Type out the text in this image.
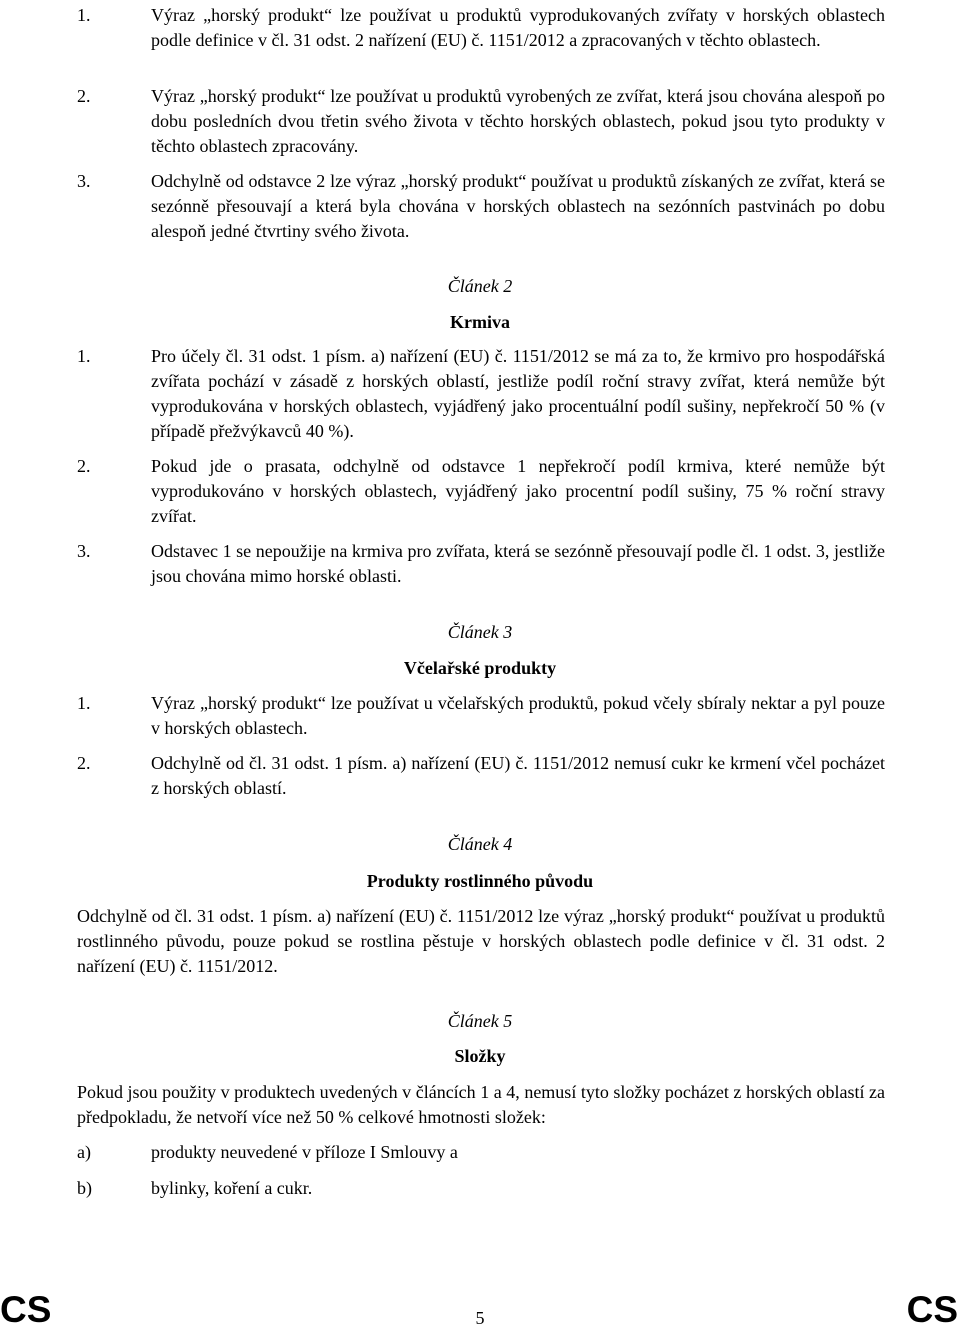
1.	Výraz „horský produkt“ lze používat u produktů vyprodukovaných zvířaty v horských oblastech podle definice v čl. 31 odst. 2 nařízení (EU) č. 1151/2012 a zpracovaných v těchto oblastech.
2.	Výraz „horský produkt“ lze používat u produktů vyrobených ze zvířat, která jsou chována alespoň po dobu posledních dvou třetin svého života v těchto horských oblastech, pokud jsou tyto produkty v těchto oblastech zpracovány.
3.	Odchylně od odstavce 2 lze výraz „horský produkt“ používat u produktů získaných ze zvířat, která se sezónně přesouvají a která byla chována v horských oblastech na sezónních pastvinách po dobu alespoň jedné čtvrtiny svého života.
Článek 2
Krmiva
1.	Pro účely čl. 31 odst. 1 písm. a) nařízení (EU) č. 1151/2012 se má za to, že krmivo pro hospodářská zvířata pochází v zásadě z horských oblastí, jestliže podíl roční stravy zvířat, která nemůže být vyprodukována v horských oblastech, vyjádřený jako procentuální podíl sušiny, nepřekročí 50 % (v případě přežvýkavců 40 %).
2.	Pokud jde o prasata, odchylně od odstavce 1 nepřekročí podíl krmiva, které nemůže být vyprodukováno v horských oblastech, vyjádřený jako procentní podíl sušiny, 75 % roční stravy zvířat.
3.	Odstavec 1 se nepoužije na krmiva pro zvířata, která se sezónně přesouvají podle čl. 1 odst. 3, jestliže jsou chována mimo horské oblasti.
Článek 3
Včelařské produkty
1.	Výraz „horský produkt“ lze používat u včelařských produktů, pokud včely sbíraly nektar a pyl pouze v horských oblastech.
2.	Odchylně od čl. 31 odst. 1 písm. a) nařízení (EU) č. 1151/2012 nemusí cukr ke krmení včel pocházet z horských oblastí.
Článek 4
Produkty rostlinného původu
Odchylně od čl. 31 odst. 1 písm. a) nařízení (EU) č. 1151/2012 lze výraz „horský produkt“ používat u produktů rostlinného původu, pouze pokud se rostlina pěstuje v horských oblastech podle definice v čl. 31 odst. 2 nařízení (EU) č. 1151/2012.
Článek 5
Složky
Pokud jsou použity v produktech uvedených v článcích 1 a 4, nemusí tyto složky pocházet z horských oblastí za předpokladu, že netvoří více než 50 % celkové hmotnosti složek:
a)	produkty neuvedené v příloze I Smlouvy a
b)	bylinky, koření a cukr.
CS	5	CS
